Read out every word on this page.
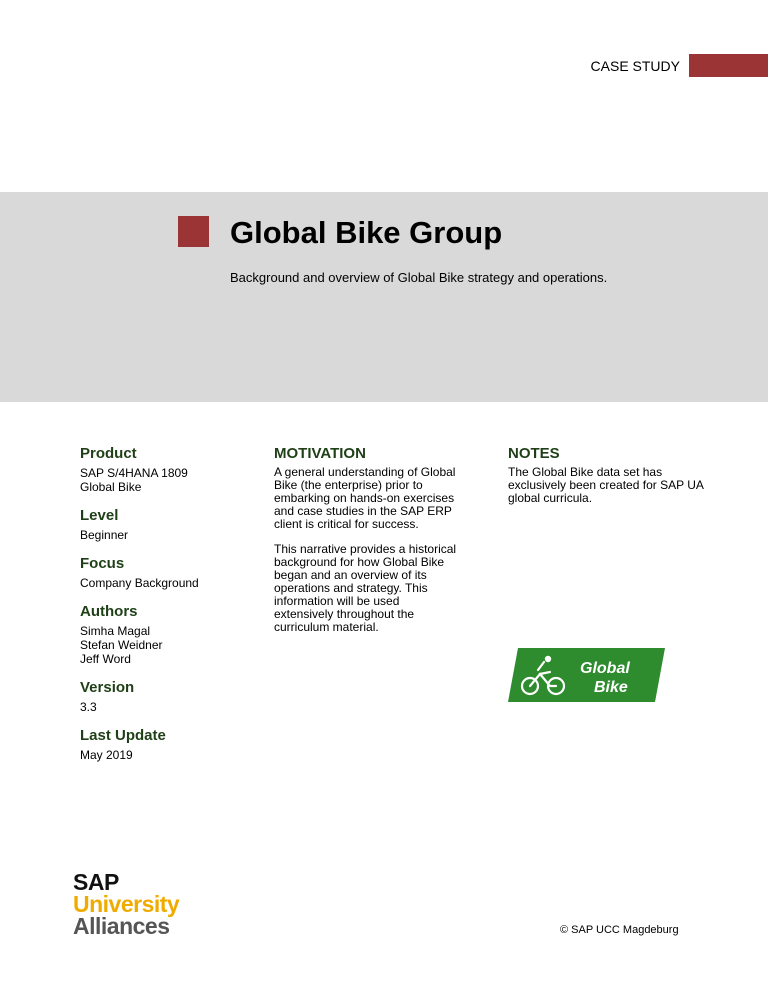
CASE STUDY
Global Bike Group
Background and overview of Global Bike strategy and operations.
Product
SAP S/4HANA 1809
Global Bike
Level
Beginner
Focus
Company Background
Authors
Simha Magal
Stefan Weidner
Jeff Word
Version
3.3
Last Update
May 2019
MOTIVATION
A general understanding of Global
Bike (the enterprise) prior to
embarking on hands-on exercises
and case studies in the SAP ERP
client is critical for success.
This narrative provides a historical
background for how Global Bike
began and an overview of its
operations and strategy. This
information will be used
extensively throughout the
curriculum material.
NOTES
The Global Bike data set has
exclusively been created for SAP UA
global curricula.
Global
Bike
SAP
University
Alliances	© SAP UCC Magdeburg
